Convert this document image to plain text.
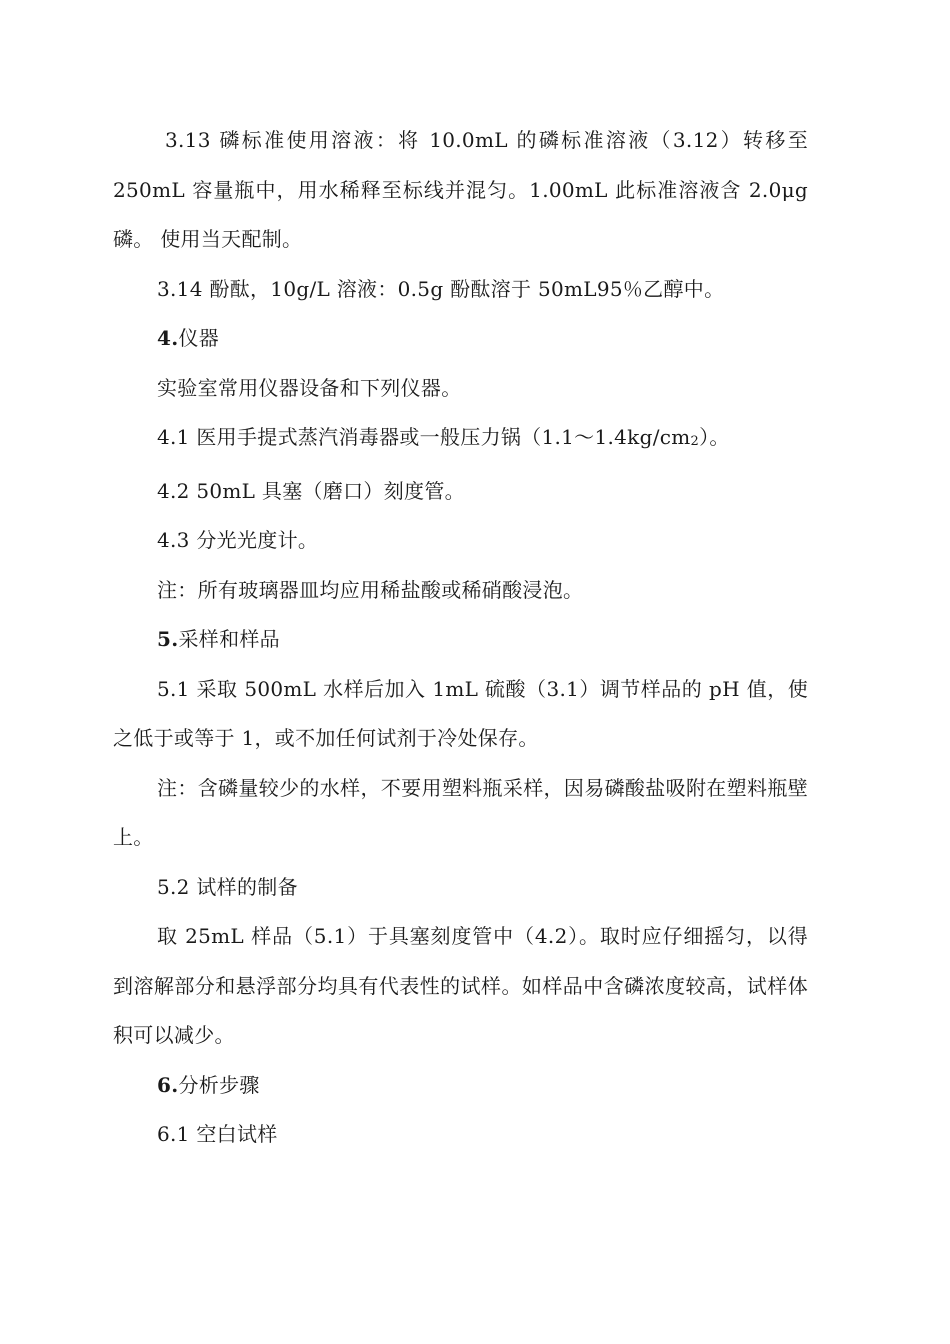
3.13 磷标准使用溶液：将 10.0mL 的磷标准溶液（3.12）转移至 250mL 容量瓶中，用水稀释至标线并混匀。1.00mL 此标准溶液含 2.0μg 磷。 使用当天配制。

3.14 酚酞，10g/L 溶液：0.5g 酚酞溶于 50mL95％乙醇中。

4.仪器

实验室常用仪器设备和下列仪器。

4.1 医用手提式蒸汽消毒器或一般压力锅（1.1～1.4kg/cm2）。

4.2 50mL 具塞（磨口）刻度管。

4.3 分光光度计。

注：所有玻璃器皿均应用稀盐酸或稀硝酸浸泡。

5.采样和样品

5.1 采取 500mL 水样后加入 1mL 硫酸（3.1）调节样品的 pH 值，使之低于或等于 1，或不加任何试剂于冷处保存。

注：含磷量较少的水样，不要用塑料瓶采样，因易磷酸盐吸附在塑料瓶壁上。

5.2 试样的制备

取 25mL 样品（5.1）于具塞刻度管中（4.2）。取时应仔细摇匀，以得到溶解部分和悬浮部分均具有代表性的试样。如样品中含磷浓度较高，试样体积可以减少。

6.分析步骤

6.1 空白试样
